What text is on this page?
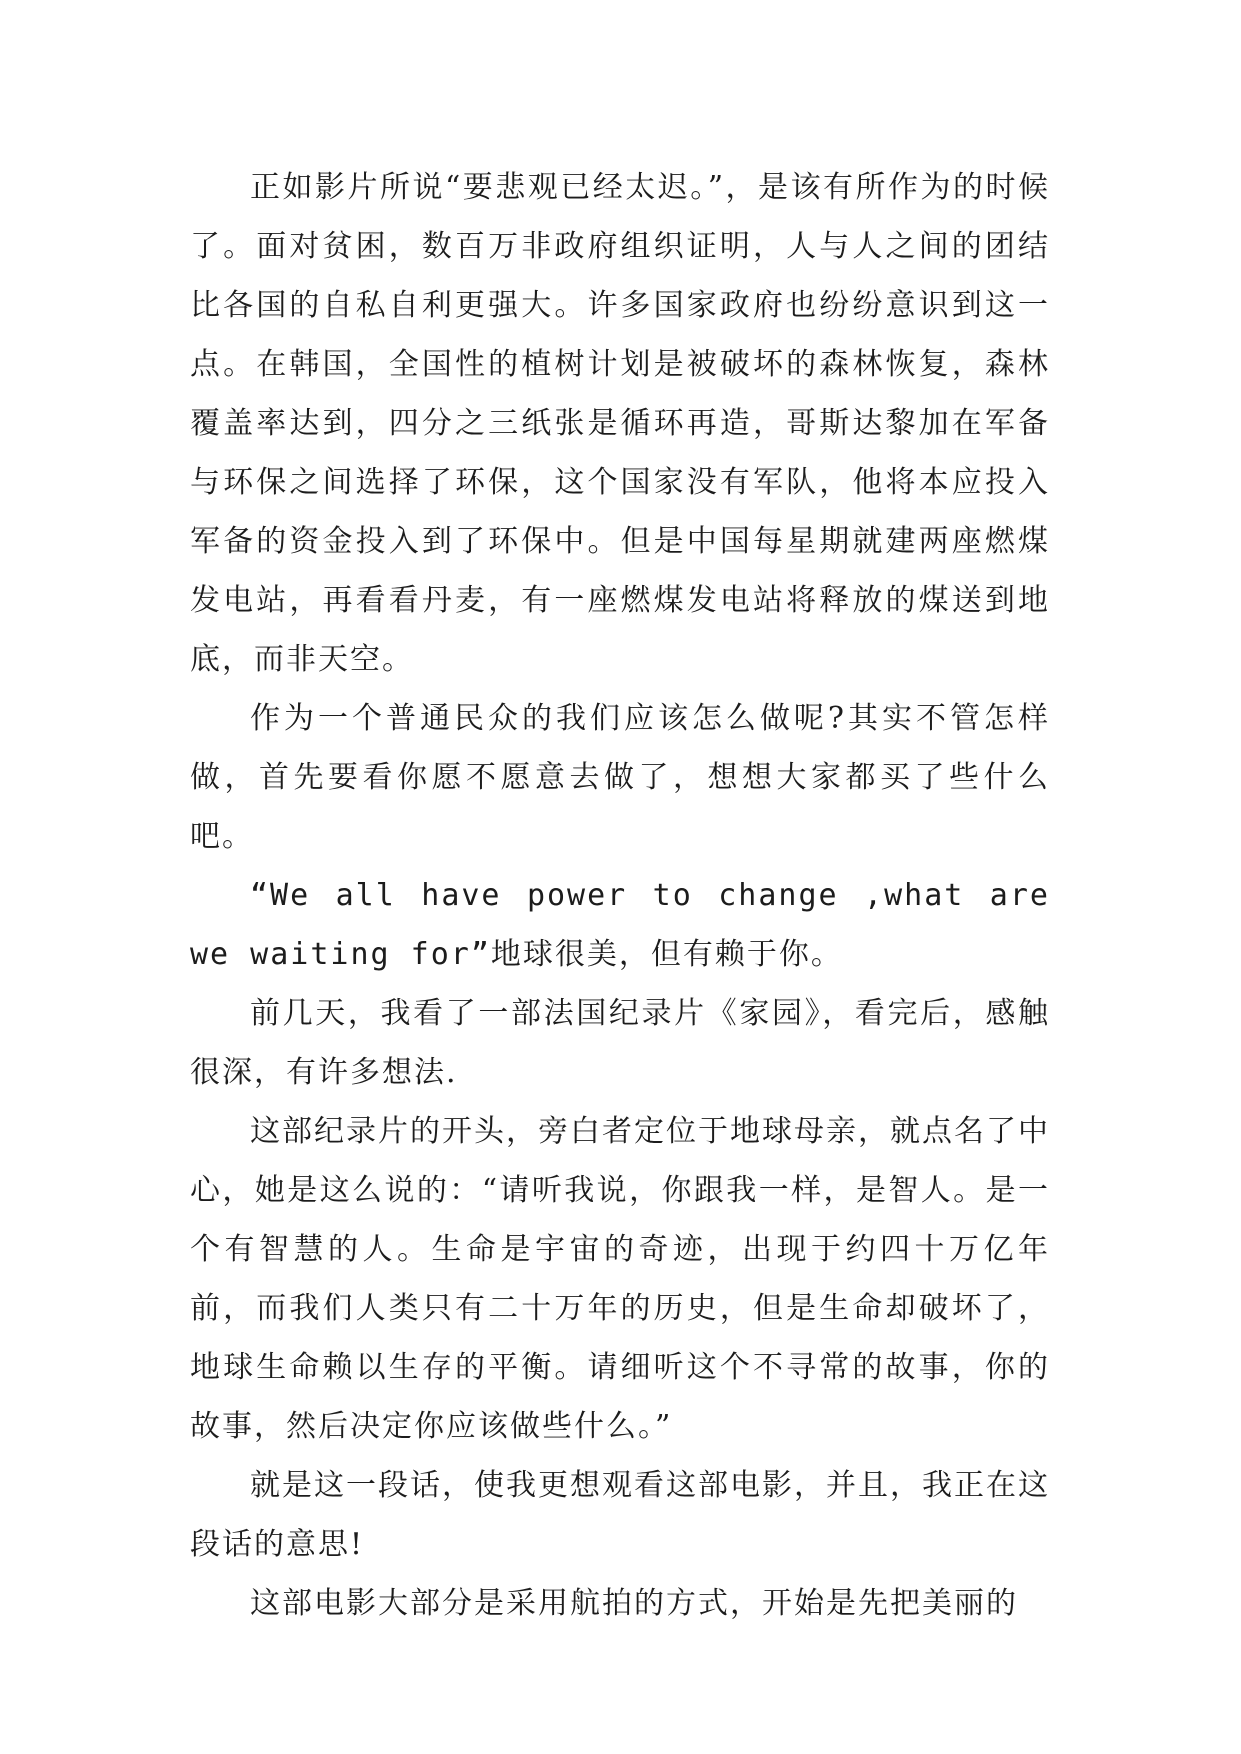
正如影片所说“要悲观已经太迟。”，是该有所作为的时候了。面对贫困，数百万非政府组织证明，人与人之间的团结比各国的自私自利更强大。许多国家政府也纷纷意识到这一点。在韩国，全国性的植树计划是被破坏的森林恢复，森林覆盖率达到，四分之三纸张是循环再造，哥斯达黎加在军备与环保之间选择了环保，这个国家没有军队，他将本应投入军备的资金投入到了环保中。但是中国每星期就建两座燃煤发电站，再看看丹麦，有一座燃煤发电站将释放的煤送到地底，而非天空。

作为一个普通民众的我们应该怎么做呢?其实不管怎样做，首先要看你愿不愿意去做了，想想大家都买了些什么吧。

“We all have power to change ,what are we waiting for”地球很美，但有赖于你。

前几天，我看了一部法国纪录片《家园》，看完后，感触很深，有许多想法.

这部纪录片的开头，旁白者定位于地球母亲，就点名了中心，她是这么说的：“请听我说，你跟我一样，是智人。是一个有智慧的人。生命是宇宙的奇迹，出现于约四十万亿年前，而我们人类只有二十万年的历史，但是生命却破坏了，地球生命赖以生存的平衡。请细听这个不寻常的故事，你的故事，然后决定你应该做些什么。”

就是这一段话，使我更想观看这部电影，并且，我正在这段话的意思!

这部电影大部分是采用航拍的方式，开始是先把美丽的
